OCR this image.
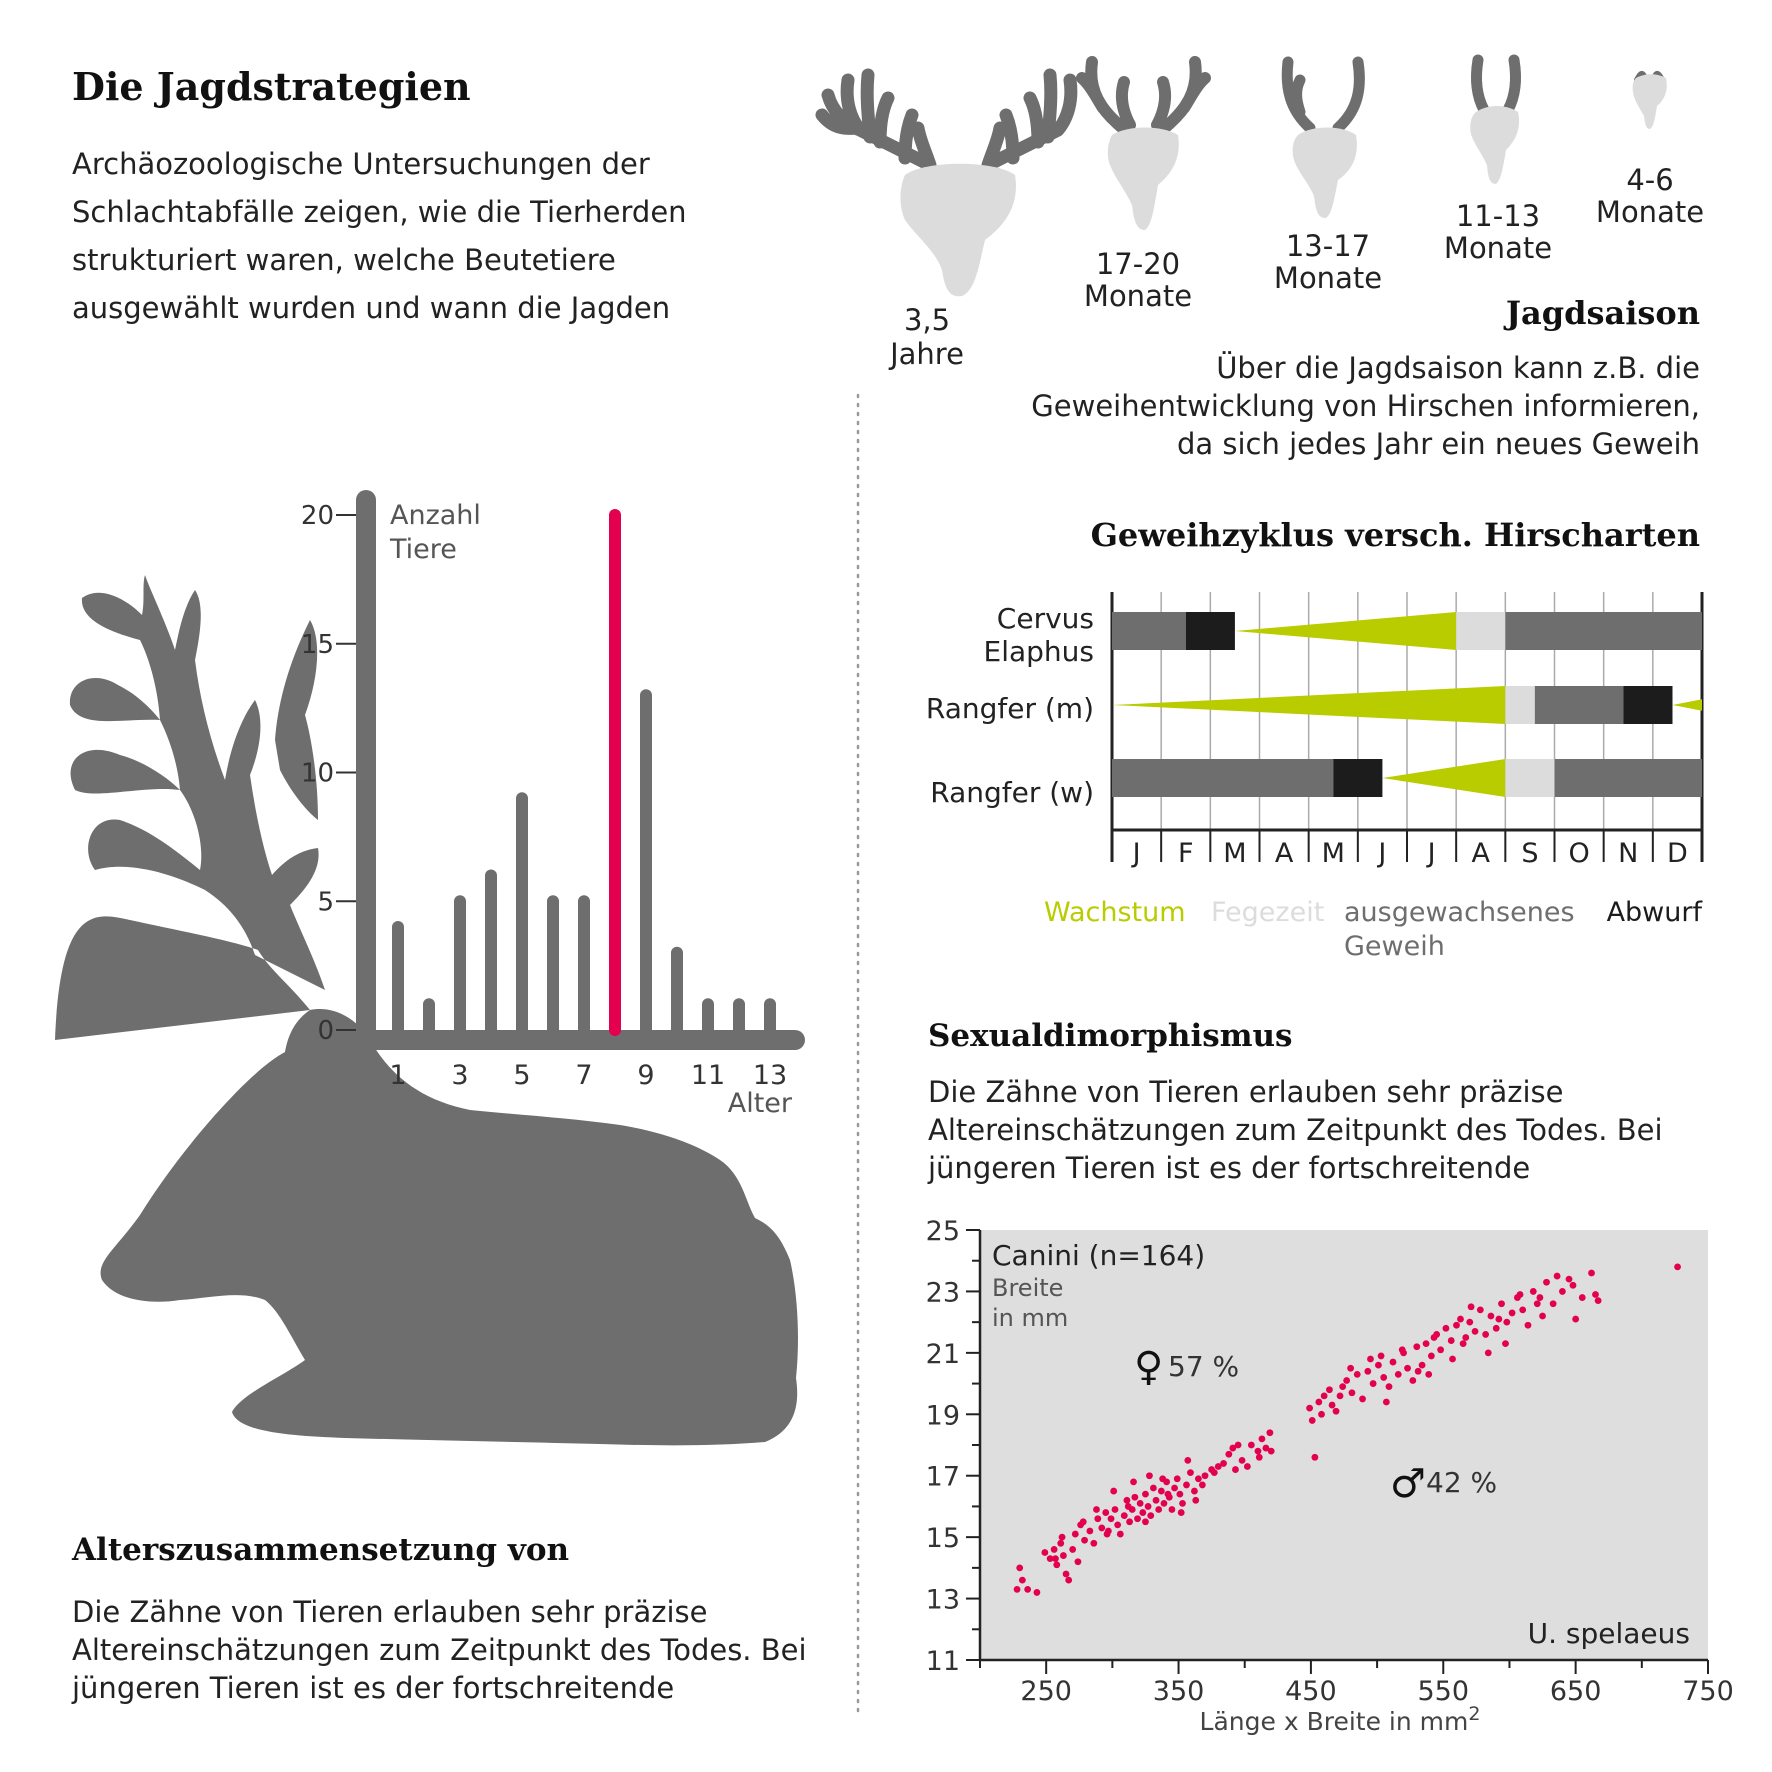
Die Jagdstrategien
Archäozoologische Untersuchungen der
Schlachtabfälle zeigen, wie die Tierherden
strukturiert waren, welche Beutetiere
ausgewählt wurden und wann die Jagden	3,5
Jahre
17-20
Monate
13-17
Monate
11-13
Monate
4-6
Monate
Jagdsaison
Über die Jagdsaison kann z.B. die
Geweihentwicklung von Hirschen informieren,
da sich jedes Jahr ein neues Geweih
0
5
10
15
20
1 3 5 7 9 11 13
Anzahl
Tiere
Alter
Alterszusammensetzung von
Die Zähne von Tieren erlauben sehr präzise
Altereinschätzungen zum Zeitpunkt des Todes. Bei
jüngeren Tieren ist es der fortschreitende
Geweihzyklus versch. Hirscharten
J F M A M J J A S O N D
Cervus
Elaphus
Rangfer (m)
Rangfer (w)
Wachstum Fegezeit ausgewachsenes
Geweih
Abwurf
Sexualdimorphismus
Die Zähne von Tieren erlauben sehr präzise
Altereinschätzungen zum Zeitpunkt des Todes. Bei
jüngeren Tieren ist es der fortschreitende
11
13
15
17
19
21
23
25
250	350	450	550	650	750
Canini (n=164)
Breite
in mm
U. spelaeus
♀ 57 %
♂ 42 %
Länge x Breite in $mm^2$
